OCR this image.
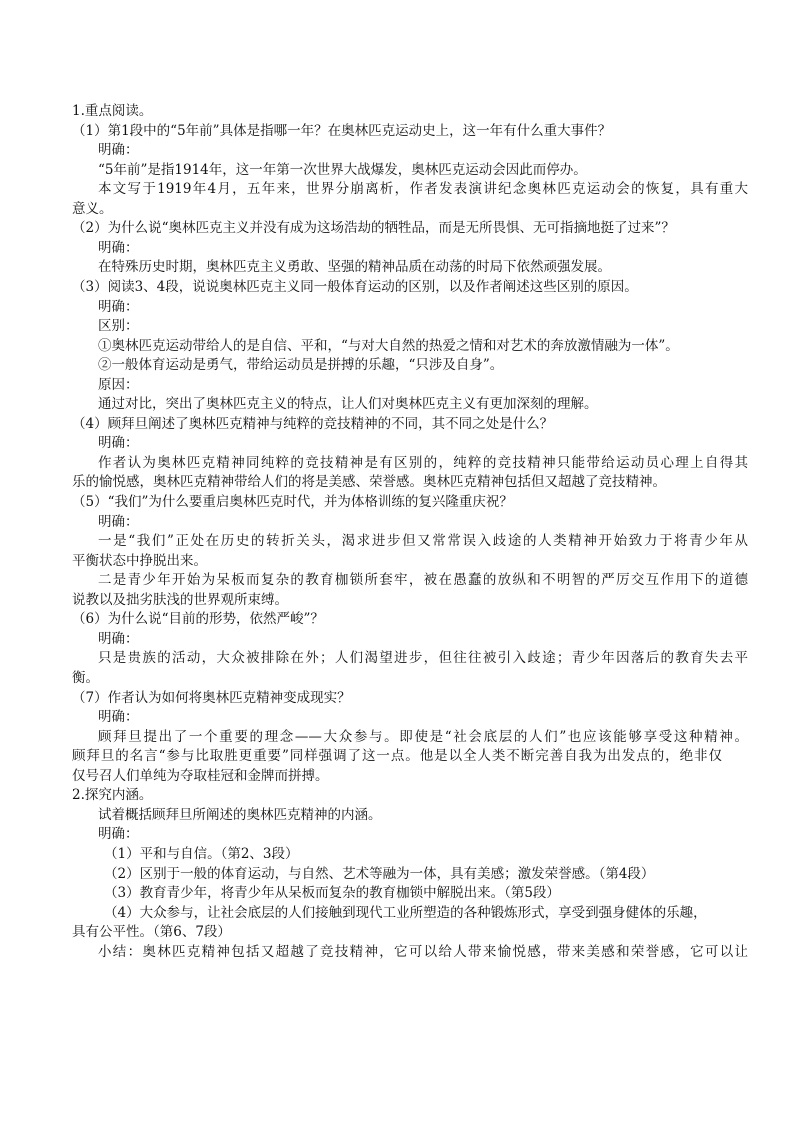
1.重点阅读。
（1）第1段中的“5年前”具体是指哪一年？在奥林匹克运动史上，这一年有什么重大事件？
明确：
“5年前”是指1914年，这一年第一次世界大战爆发，奥林匹克运动会因此而停办。
本文写于1919年4月，五年来，世界分崩离析，作者发表演讲纪念奥林匹克运动会的恢复，具有重大
意义。
（2）为什么说“奥林匹克主义并没有成为这场浩劫的牺牲品，而是无所畏惧、无可指摘地挺了过来”？
明确：
在特殊历史时期，奥林匹克主义勇敢、坚强的精神品质在动荡的时局下依然顽强发展。
（3）阅读3、4段，说说奥林匹克主义同一般体育运动的区别，以及作者阐述这些区别的原因。
明确：
区别：
①奥林匹克运动带给人的是自信、平和，“与对大自然的热爱之情和对艺术的奔放激情融为一体”。
②一般体育运动是勇气，带给运动员是拼搏的乐趣，“只涉及自身”。
原因：
通过对比，突出了奥林匹克主义的特点，让人们对奥林匹克主义有更加深刻的理解。
（4）顾拜旦阐述了奥林匹克精神与纯粹的竞技精神的不同，其不同之处是什么？
明确：
作者认为奥林匹克精神同纯粹的竞技精神是有区别的，纯粹的竞技精神只能带给运动员心理上自得其
乐的愉悦感，奥林匹克精神带给人们的将是美感、荣誉感。奥林匹克精神包括但又超越了竞技精神。
（5）“我们”为什么要重启奥林匹克时代，并为体格训练的复兴隆重庆祝？
明确：
一是“我们”正处在历史的转折关头，渴求进步但又常常误入歧途的人类精神开始致力于将青少年从
平衡状态中挣脱出来。
二是青少年开始为呆板而复杂的教育枷锁所套牢，被在愚蠢的放纵和不明智的严厉交互作用下的道德
说教以及拙劣肤浅的世界观所束缚。
（6）为什么说“目前的形势，依然严峻”？
明确：
只是贵族的活动，大众被排除在外；人们渴望进步，但往往被引入歧途；青少年因落后的教育失去平
衡。
（7）作者认为如何将奥林匹克精神变成现实？
明确：
顾拜旦提出了一个重要的理念——大众参与。即使是“社会底层的人们”也应该能够享受这种精神。
顾拜旦的名言“参与比取胜更重要”同样强调了这一点。他是以全人类不断完善自我为出发点的，绝非仅
仅号召人们单纯为夺取桂冠和金牌而拼搏。
2.探究内涵。
试着概括顾拜旦所阐述的奥林匹克精神的内涵。
明确：
（1）平和与自信。（第2、3段）
（2）区别于一般的体育运动，与自然、艺术等融为一体，具有美感；激发荣誉感。（第4段）
（3）教育青少年，将青少年从呆板而复杂的教育枷锁中解脱出来。（第5段）
（4）大众参与，让社会底层的人们接触到现代工业所塑造的各种锻炼形式，享受到强身健体的乐趣，
具有公平性。（第6、7段）
小结：奥林匹克精神包括又超越了竞技精神，它可以给人带来愉悦感，带来美感和荣誉感，它可以让
